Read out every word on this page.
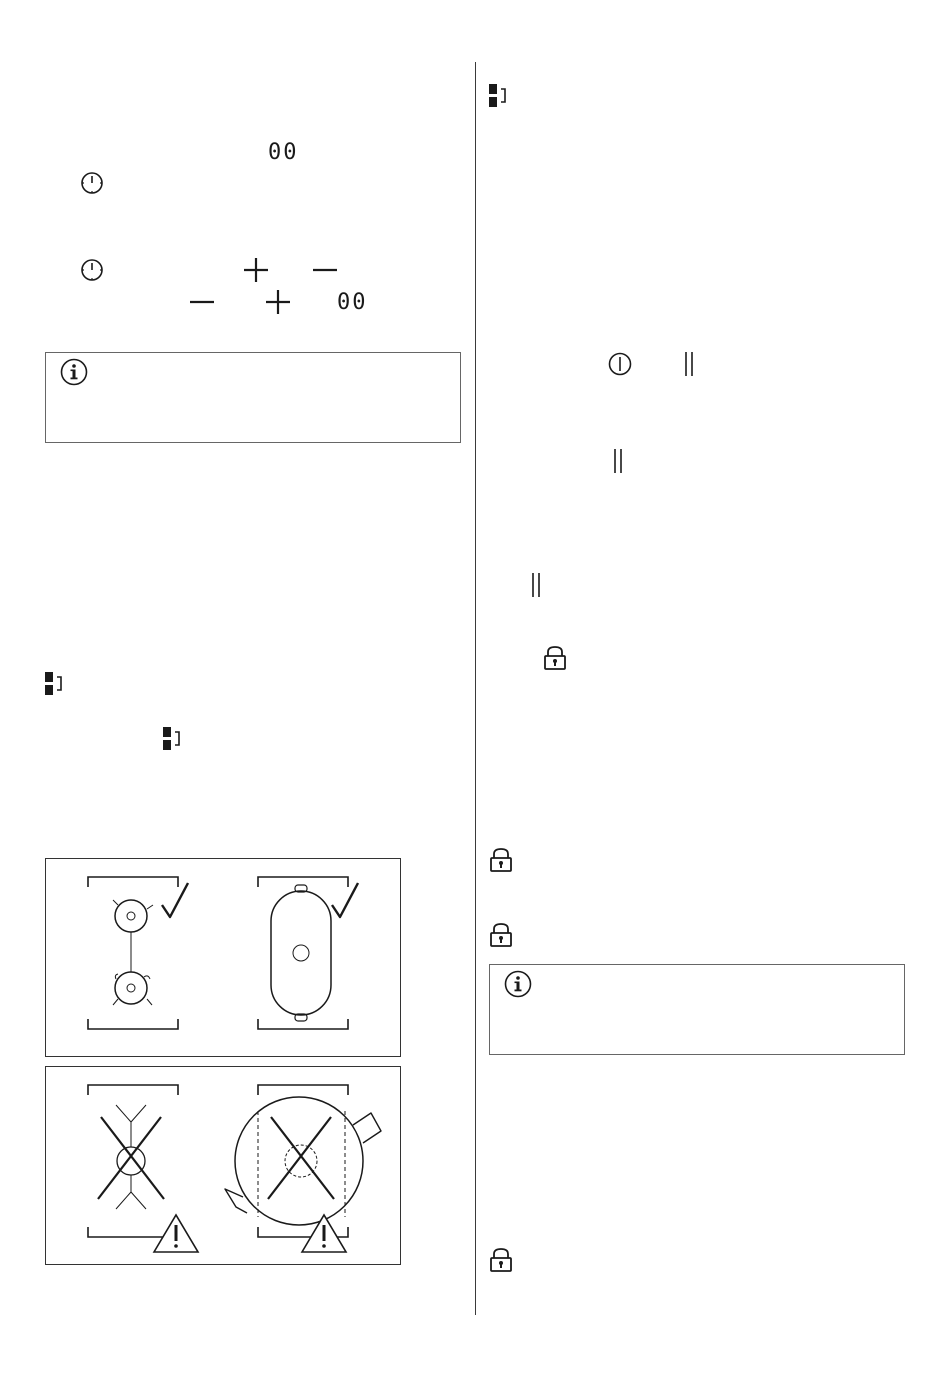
00
00
